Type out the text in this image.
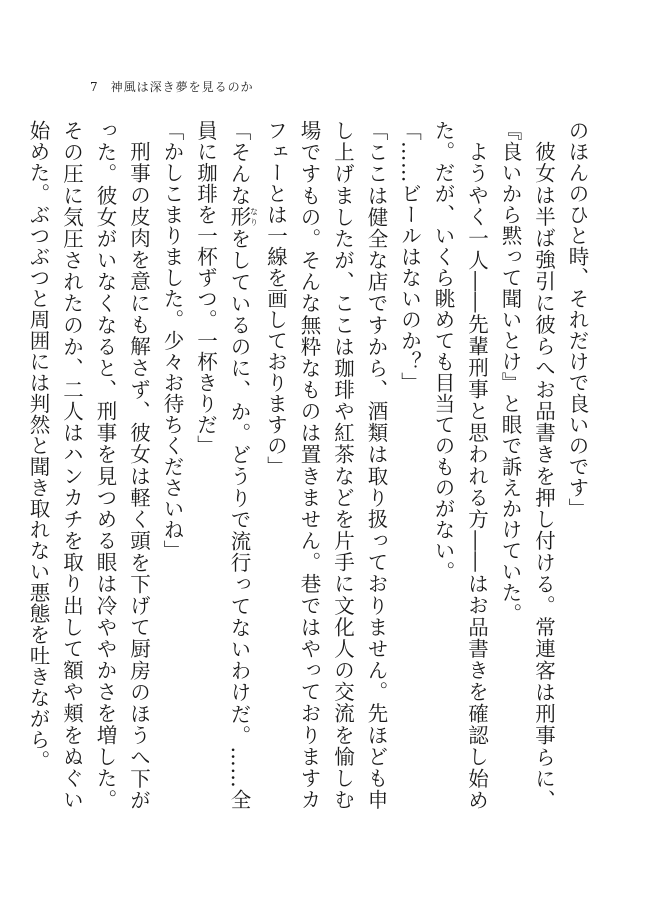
7 神風は深き夢を見るのか

のほんのひと時、それだけで良いのです」

彼女は半ば強引に彼らへお品書きを押し付ける。常連客は刑事らに、『良いから黙って聞いとけ』と眼で訴えかけていた。

ようやく一人――先輩刑事と思われる方――はお品書きを確認し始めた。だが、いくら眺めても目当てのものがない。

「……ビールはないのか？」

「ここは健全な店ですから、酒類は取り扱っておりません。先ほども申し上げましたが、ここは珈琲や紅茶などを片手に文化人の交流を愉しむ場ですもの。そんな無粋なものは置きません。巷ではやっておりますカフェーとは一線を画しておりますの」

「そんな形なりをしているのに、か。どうりで流行ってないわけだ。……全員に珈琲を一杯ずつ。一杯きりだ」

「かしこまりました。少々お待ちくださいね」

刑事の皮肉を意にも解さず、彼女は軽く頭を下げて厨房のほうへ下がった。彼女がいなくなると、刑事を見つめる眼は冷ややかさを増した。その圧に気圧されたのか、二人はハンカチを取り出して額や頬をぬぐい始めた。ぶつぶつと周囲には判然と聞き取れない悪態を吐きながら。
